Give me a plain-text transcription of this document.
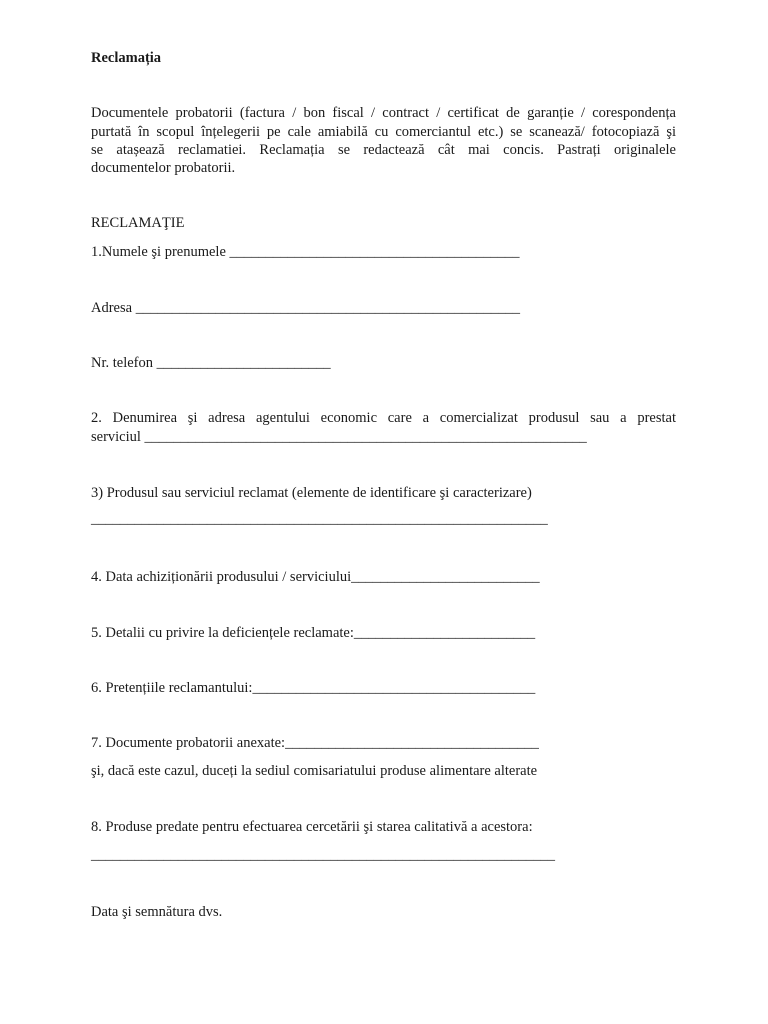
Reclamația

Documentele probatorii (factura / bon fiscal / contract / certificat de garanție / corespondența

purtată în scopul înțelegerii pe cale amiabilă cu comerciantul etc.) se scanează/ fotocopiază şi

se atașează reclamatiei. Reclamația se redactează cât mai concis. Pastrați originalele

documentelor probatorii.

RECLAMAŢIE

1.Numele şi prenumele ________________________________________

Adresa _____________________________________________________

Nr. telefon ________________________

2. Denumirea şi adresa agentului economic care a comercializat produsul sau a prestat

serviciul _____________________________________________________________

3) Produsul sau serviciul reclamat (elemente de identificare şi caracterizare)

_______________________________________________________________

4. Data achiziționării produsului / serviciului__________________________

5. Detalii cu privire la deficiențele reclamate:_________________________

6. Pretențiile reclamantului:_______________________________________

7. Documente probatorii anexate:___________________________________

şi, dacă este cazul, duceți la sediul comisariatului produse alimentare alterate

8. Produse predate pentru efectuarea cercetării şi starea calitativă a acestora:

________________________________________________________________

Data şi semnătura dvs.
